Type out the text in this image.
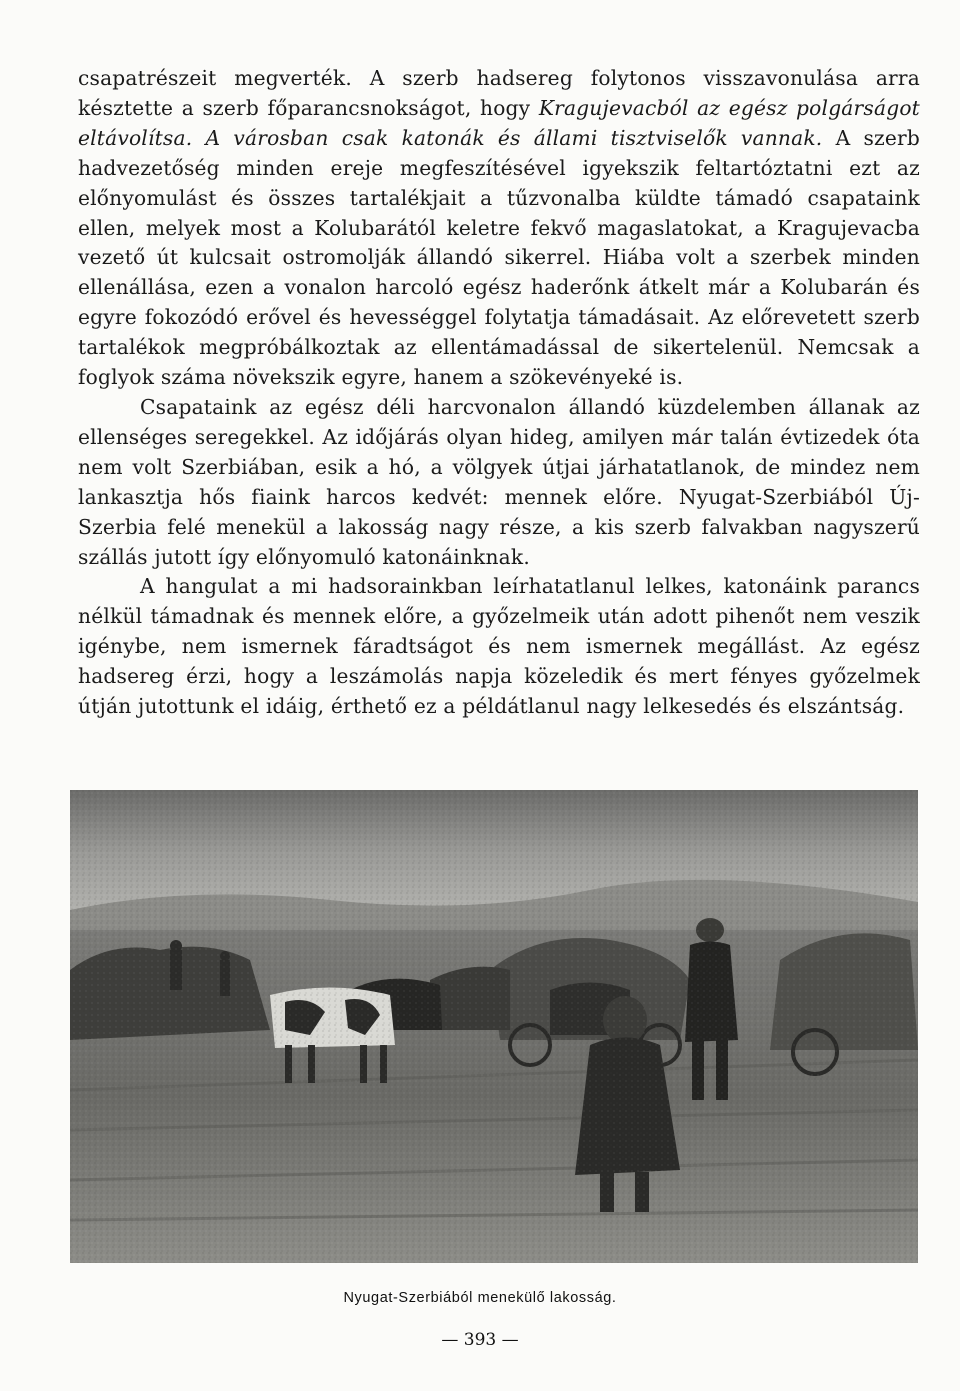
csapatrészeit megverték. A szerb hadsereg folytonos visszavonulása arra késztette a szerb főparancsnokságot, hogy Kragujevacból az egész polgárságot eltávolítsa. A városban csak katonák és állami tisztviselők vannak. A szerb hadvezetőség minden ereje megfeszítésével igyekszik feltartóztatni ezt az előnyomulást és összes tartalékjait a tűzvonalba küldte támadó csapataink ellen, melyek most a Kolubarától keletre fekvő magaslatokat, a Kragujevacba vezető út kulcsait ostromolják állandó sikerrel. Hiába volt a szerbek minden ellenállása, ezen a vonalon harcoló egész haderőnk átkelt már a Kolubarán és egyre fokozódó erővel és hevességgel folytatja támadásait. Az előrevetett szerb tartalékok megpróbálkoztak az ellentámadással de sikertelenül. Nemcsak a foglyok száma növekszik egyre, hanem a szökevényeké is.

Csapataink az egész déli harcvonalon állandó küzdelemben állanak az ellenséges seregekkel. Az időjárás olyan hideg, amilyen már talán évtizedek óta nem volt Szerbiában, esik a hó, a völgyek útjai járhatatlanok, de mindez nem lankasztja hős fiaink harcos kedvét: mennek előre. Nyugat-Szerbiából Új-Szerbia felé menekül a lakosság nagy része, a kis szerb falvakban nagyszerű szállás jutott így előnyomuló katonáinknak.

A hangulat a mi hadsorainkban leírhatatlanul lelkes, katonáink parancs nélkül támadnak és mennek előre, a győzelmeik után adott pihenőt nem veszik igénybe, nem ismernek fáradtságot és nem ismernek megállást. Az egész hadsereg érzi, hogy a leszámolás napja közeledik és mert fényes győzelmek útján jutottunk el idáig, érthető ez a példátlanul nagy lelkesedés és elszántság.

Nyugat-Szerbiából menekülő lakosság.
— 393 —
